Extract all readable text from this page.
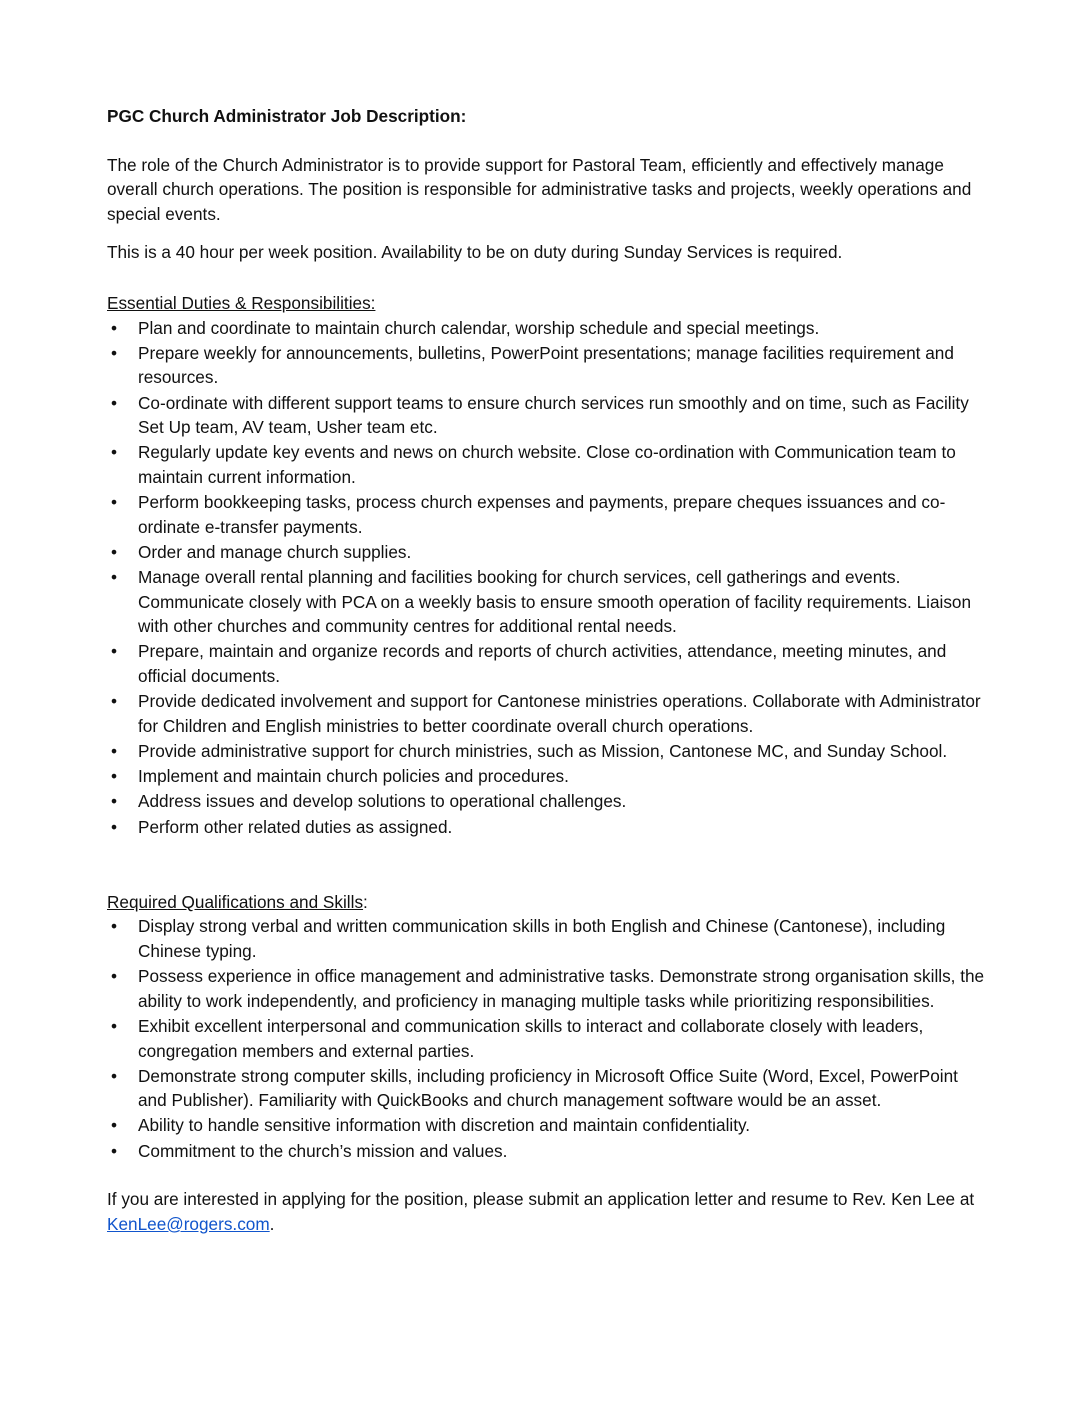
PGC Church Administrator Job Description:

The role of the Church Administrator is to provide support for Pastoral Team, efficiently and effectively manage overall church operations. The position is responsible for administrative tasks and projects, weekly operations and special events.

This is a 40 hour per week position. Availability to be on duty during Sunday Services is required.

Essential Duties & Responsibilities:

• Plan and coordinate to maintain church calendar, worship schedule and special meetings.
• Prepare weekly for announcements, bulletins, PowerPoint presentations; manage facilities requirement and resources.
• Co-ordinate with different support teams to ensure church services run smoothly and on time, such as Facility Set Up team, AV team, Usher team etc.
• Regularly update key events and news on church website. Close co-ordination with Communication team to maintain current information.
• Perform bookkeeping tasks, process church expenses and payments, prepare cheques issuances and co-ordinate e-transfer payments.
• Order and manage church supplies.
• Manage overall rental planning and facilities booking for church services, cell gatherings and events. Communicate closely with PCA on a weekly basis to ensure smooth operation of facility requirements. Liaison with other churches and community centres for additional rental needs.
• Prepare, maintain and organize records and reports of church activities, attendance, meeting minutes, and official documents.
• Provide dedicated involvement and support for Cantonese ministries operations. Collaborate with Administrator for Children and English ministries to better coordinate overall church operations.
• Provide administrative support for church ministries, such as Mission, Cantonese MC, and Sunday School.
• Implement and maintain church policies and procedures.
• Address issues and develop solutions to operational challenges.
• Perform other related duties as assigned.

Required Qualifications and Skills:

• Display strong verbal and written communication skills in both English and Chinese (Cantonese), including Chinese typing.
• Possess experience in office management and administrative tasks. Demonstrate strong organisation skills, the ability to work independently, and proficiency in managing multiple tasks while prioritizing responsibilities.
• Exhibit excellent interpersonal and communication skills to interact and collaborate closely with leaders, congregation members and external parties.
• Demonstrate strong computer skills, including proficiency in Microsoft Office Suite (Word, Excel, PowerPoint and Publisher). Familiarity with QuickBooks and church management software would be an asset.
• Ability to handle sensitive information with discretion and maintain confidentiality.
• Commitment to the church’s mission and values.

If you are interested in applying for the position, please submit an application letter and resume to Rev. Ken Lee at KenLee@rogers.com.
